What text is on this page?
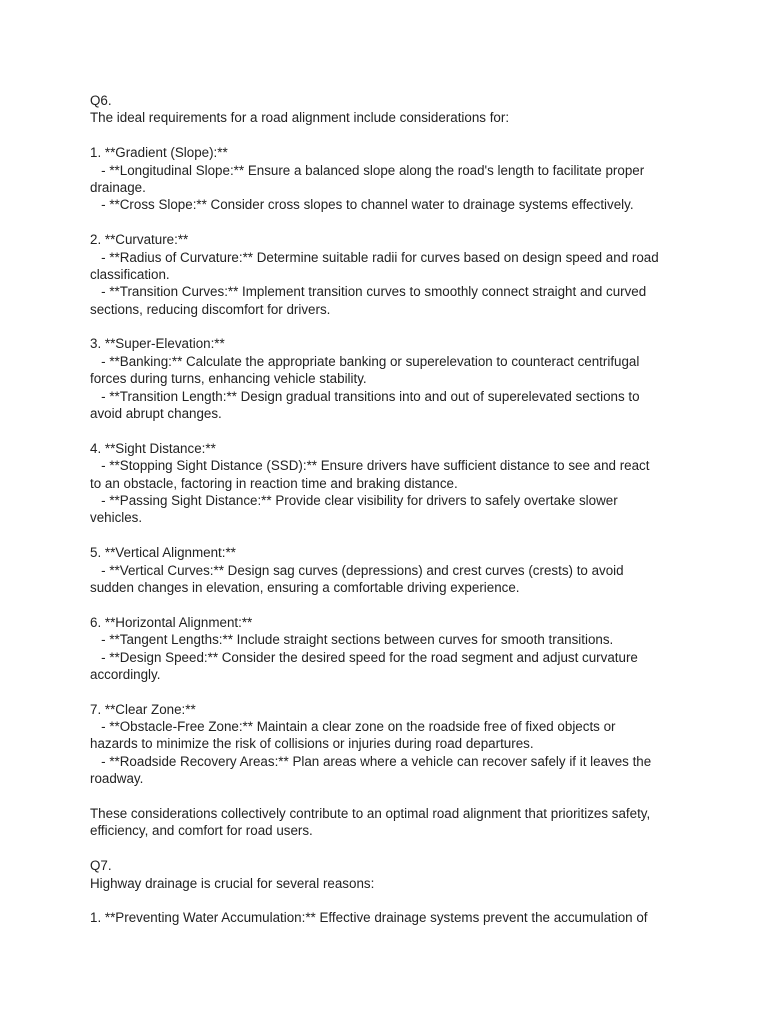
Q6.
The ideal requirements for a road alignment include considerations for:
1. **Gradient (Slope):**
- **Longitudinal Slope:** Ensure a balanced slope along the road's length to facilitate proper
drainage.
- **Cross Slope:** Consider cross slopes to channel water to drainage systems effectively.
2. **Curvature:**
- **Radius of Curvature:** Determine suitable radii for curves based on design speed and road
classification.
- **Transition Curves:** Implement transition curves to smoothly connect straight and curved
sections, reducing discomfort for drivers.
3. **Super-Elevation:**
- **Banking:** Calculate the appropriate banking or superelevation to counteract centrifugal
forces during turns, enhancing vehicle stability.
- **Transition Length:** Design gradual transitions into and out of superelevated sections to
avoid abrupt changes.
4. **Sight Distance:**
- **Stopping Sight Distance (SSD):** Ensure drivers have sufficient distance to see and react
to an obstacle, factoring in reaction time and braking distance.
- **Passing Sight Distance:** Provide clear visibility for drivers to safely overtake slower
vehicles.
5. **Vertical Alignment:**
- **Vertical Curves:** Design sag curves (depressions) and crest curves (crests) to avoid
sudden changes in elevation, ensuring a comfortable driving experience.
6. **Horizontal Alignment:**
- **Tangent Lengths:** Include straight sections between curves for smooth transitions.
- **Design Speed:** Consider the desired speed for the road segment and adjust curvature
accordingly.
7. **Clear Zone:**
- **Obstacle-Free Zone:** Maintain a clear zone on the roadside free of fixed objects or
hazards to minimize the risk of collisions or injuries during road departures.
- **Roadside Recovery Areas:** Plan areas where a vehicle can recover safely if it leaves the
roadway.
These considerations collectively contribute to an optimal road alignment that prioritizes safety,
efficiency, and comfort for road users.
Q7.
Highway drainage is crucial for several reasons:
1. **Preventing Water Accumulation:** Effective drainage systems prevent the accumulation of
